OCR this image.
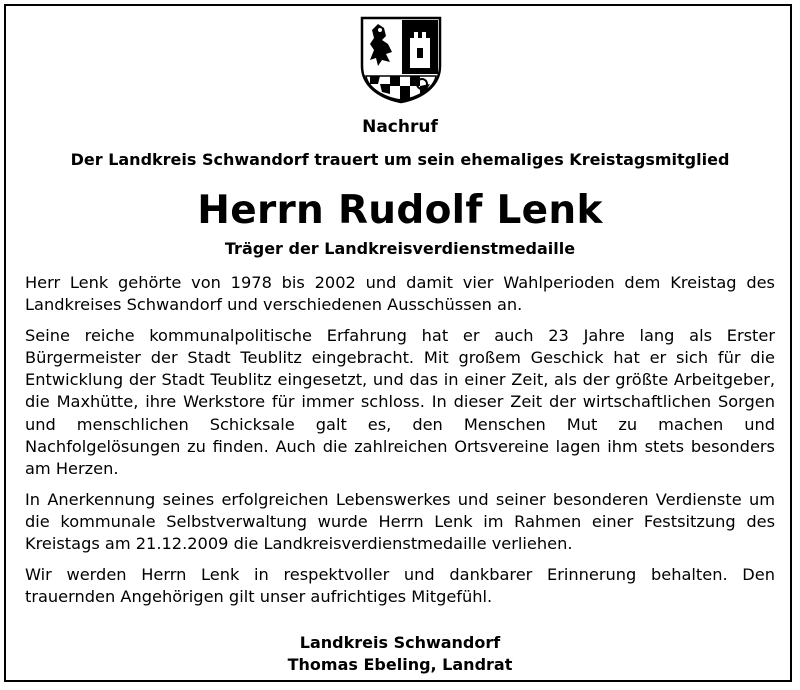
Nachruf
Der Landkreis Schwandorf trauert um sein ehemaliges Kreistagsmitglied
Herrn Rudolf Lenk
Träger der Landkreisverdienstmedaille

Herr Lenk gehörte von 1978 bis 2002 und damit vier Wahlperioden dem Kreistag des Landkreises Schwandorf und verschiedenen Ausschüssen an.

Seine reiche kommunalpolitische Erfahrung hat er auch 23 Jahre lang als Erster Bürgermeister der Stadt Teublitz eingebracht. Mit großem Geschick hat er sich für die Entwicklung der Stadt Teublitz eingesetzt, und das in einer Zeit, als der größte Arbeitgeber, die Maxhütte, ihre Werkstore für immer schloss. In dieser Zeit der wirtschaftlichen Sorgen und menschlichen Schicksale galt es, den Menschen Mut zu machen und Nachfolgelösungen zu finden. Auch die zahlreichen Ortsvereine lagen ihm stets besonders am Herzen.

In Anerkennung seines erfolgreichen Lebenswerkes und seiner besonderen Verdienste um die kommunale Selbstverwaltung wurde Herrn Lenk im Rahmen einer Festsitzung des Kreistags am 21.12.2009 die Landkreisverdienstmedaille verliehen.

Wir werden Herrn Lenk in respektvoller und dankbarer Erinnerung behalten. Den trauernden Angehörigen gilt unser aufrichtiges Mitgefühl.

Landkreis Schwandorf
Thomas Ebeling, Landrat
